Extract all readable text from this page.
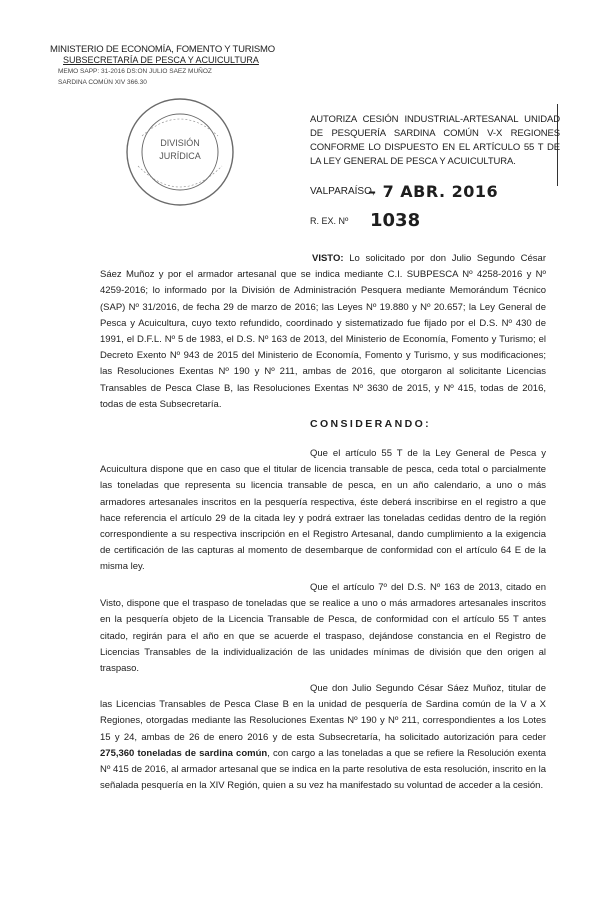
MINISTERIO DE ECONOMÍA, FOMENTO Y TURISMO
SUBSECRETARÍA DE PESCA Y ACUICULTURA
MEMO SAPP: 31-2016 DS:ON JULIO SAEZ MUÑOZ
SARDINA COMÚN XIV 366.30
DIVISIÓN
JURÍDICA
AUTORIZA CESIÓN INDUSTRIAL-ARTESANAL UNIDAD DE PESQUERÍA SARDINA COMÚN V-X REGIONES CONFORME LO DISPUESTO EN EL ARTÍCULO 55 T DE LA LEY GENERAL DE PESCA Y ACUICULTURA.
VALPARAÍSO,
– 7 ABR. 2016
R. EX. Nº 1038
VISTO: Lo solicitado por don Julio Segundo César Sáez Muñoz y por el armador artesanal que se indica mediante C.I. SUBPESCA Nº 4258-2016 y Nº 4259-2016; lo informado por la División de Administración Pesquera mediante Memorándum Técnico (SAP) Nº 31/2016, de fecha 29 de marzo de 2016; las Leyes Nº 19.880 y Nº 20.657; la Ley General de Pesca y Acuicultura, cuyo texto refundido, coordinado y sistematizado fue fijado por el D.S. Nº 430 de 1991, el D.F.L. Nº 5 de 1983, el D.S. Nº 163 de 2013, del Ministerio de Economía, Fomento y Turismo; el Decreto Exento Nº 943 de 2015 del Ministerio de Economía, Fomento y Turismo, y sus modificaciones; las Resoluciones Exentas Nº 190 y Nº 211, ambas de 2016, que otorgaron al solicitante Licencias Transables de Pesca Clase B, las Resoluciones Exentas Nº 3630 de 2015, y Nº 415, todas de 2016, todas de esta Subsecretaría.
CONSIDERANDO:
Que el artículo 55 T de la Ley General de Pesca y Acuicultura dispone que en caso que el titular de licencia transable de pesca, ceda total o parcialmente las toneladas que representa su licencia transable de pesca, en un año calendario, a uno o más armadores artesanales inscritos en la pesquería respectiva, éste deberá inscribirse en el registro a que hace referencia el artículo 29 de la citada ley y podrá extraer las toneladas cedidas dentro de la región correspondiente a su respectiva inscripción en el Registro Artesanal, dando cumplimiento a la exigencia de certificación de las capturas al momento de desembarque de conformidad con el artículo 64 E de la misma ley.
Que el artículo 7º del D.S. Nº 163 de 2013, citado en Visto, dispone que el traspaso de toneladas que se realice a uno o más armadores artesanales inscritos en la pesquería objeto de la Licencia Transable de Pesca, de conformidad con el artículo 55 T antes citado, regirán para el año en que se acuerde el traspaso, dejándose constancia en el Registro de Licencias Transables de la individualización de las unidades mínimas de división que den origen al traspaso.
Que don Julio Segundo César Sáez Muñoz, titular de las Licencias Transables de Pesca Clase B en la unidad de pesquería de Sardina común de la V a X Regiones, otorgadas mediante las Resoluciones Exentas Nº 190 y Nº 211, correspondientes a los Lotes 15 y 24, ambas de 26 de enero 2016 y de esta Subsecretaría, ha solicitado autorización para ceder 275,360 toneladas de sardina común, con cargo a las toneladas a que se refiere la Resolución exenta Nº 415 de 2016, al armador artesanal que se indica en la parte resolutiva de esta resolución, inscrito en la señalada pesquería en la XIV Región, quien a su vez ha manifestado su voluntad de acceder a la cesión.
